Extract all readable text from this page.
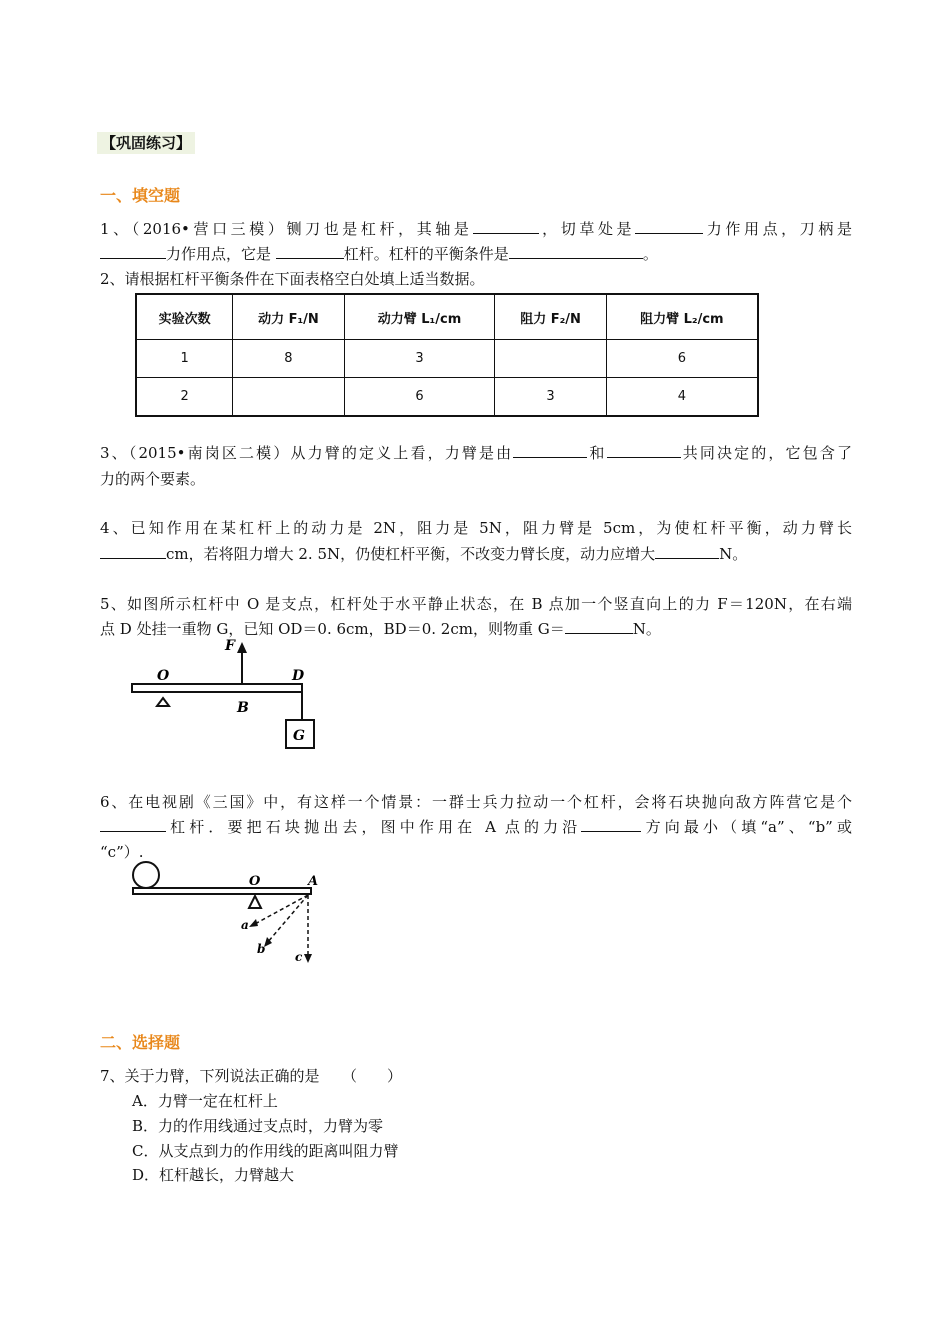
【巩固练习】
一、填空题
1、（2016•营口三模）铡刀也是杠杆，其轴是	，切草处是	力作用点，刀柄是
力作用点，它是	杠杆。杠杆的平衡条件是	。
2、请根据杠杆平衡条件在下面表格空白处填上适当数据。
实验次数	动力 F₁/N	动力臂 L₁/cm	阻力 F₂/N	阻力臂 L₂/cm
1	8	3		6
2		6	3	4
3、（2015•南岗区二模）从力臂的定义上看，力臂是由	和	共同决定的，它包含了
力的两个要素。
4、已知作用在某杠杆上的动力是 2N，阻力是 5N，阻力臂是 5cm，为使杠杆平衡，动力臂长
cm，若将阻力增大 2. 5N，仍使杠杆平衡，不改变力臂长度，动力应增大	N。
5、如图所示杠杆中 O 是支点，杠杆处于水平静止状态，在 B 点加一个竖直向上的力 F＝120N，在右端
点 D 处挂一重物 G，已知 OD＝0. 6cm，BD＝0. 2cm，则物重 G＝	N。
F
O	D
B
G
6、在电视剧《三国》中，有这样一个情景：一群士兵力拉动一个杠杆，会将石块抛向敌方阵营它是个
杠杆．要把石块抛出去，图中作用在 A 点的力沿	方向最小（填“a”、“b”或
“c”）.
O	A
a
b
c
二、选择题
7、关于力臂，下列说法正确的是　　（　　）
A．力臂一定在杠杆上
B．力的作用线通过支点时，力臂为零
C．从支点到力的作用线的距离叫阻力臂
D．杠杆越长，力臂越大
